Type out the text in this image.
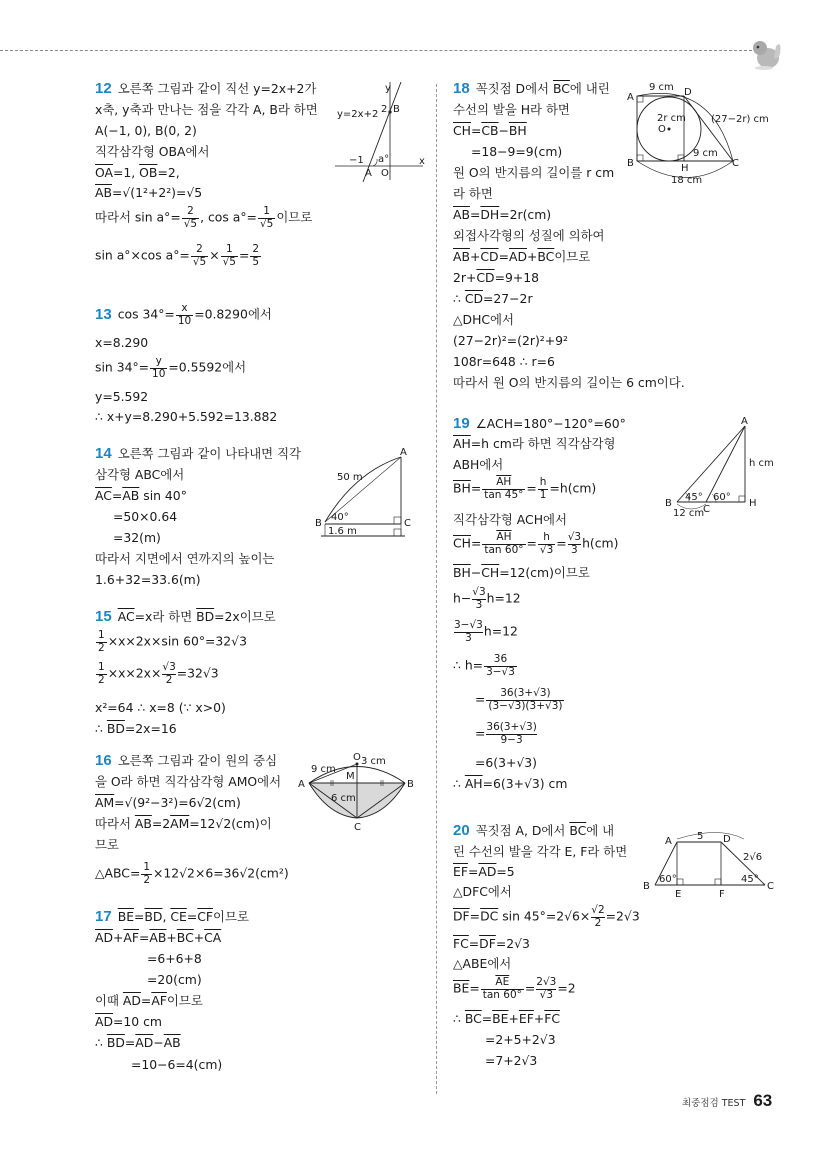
12 오른쪽 그림과 같이 직선 y=2x+2가
x축, y축과 만나는 점을 각각 A, B라 하면
A(−1, 0), B(0, 2)
직각삼각형 OBA에서
$\overline{OA}=1$, $\overline{OB}=2$,
$\overline{AB}=√(1^2+2^2)=√5$
따라서 $\sin a^\circ= \frac{2}{√5}$ , $\cos a^\circ= \frac{1}{√5}$ 이므로
sin a°×cos $a^\circ= \frac{2}{√5} \times \frac{1}{√5} = \frac{2}{5}$
y
x
y=2x+2 B
2
A O
−1 a°
13 $\cos 34^\circ= \frac{x}{10} =0.8290$에서
x=8.290
$\sin 34^\circ= \frac{y}{10} =0.5592$에서
y=5.592
∴ x+y=8.290+5.592=13.882
14 오른쪽 그림과 같이 나타내면 직각
삼각형 ABC에서
$\overline{AC}=\overline{AB}$ sin 40°
=50×0.64
=32(m)
따라서 지면에서 연까지의 높이는
1.6+32=33.6(m)
A
B	C
50 m
40°
1.6 m
15 $\overline{AC}=x$라 하면 $\overline{BD}=2x$이므로
$\frac{1}{2} \times x\times 2x\times\sin$ 60°=32√3
$\frac{1}{2} \times x\times 2x\times \frac{√3}{2} =32√3$
x²=64 ∴ x=8 (∵ x>0)
∴ $\overline{BD}=2x=16$
16 오른쪽 그림과 같이 원의 중심
을 O라 하면 직각삼각형 AMO에서
$\overline{AM}=√(9^2-3^2)=6√2(cm)$
따라서 $\overline{AB}=2\overline{AM}=12√2(cm)$이
므로
△ABC= $\frac{1}{2} \times 12√2\times 6=36√2(cm^2)$
O
M
A	B
C
9 cm
3 cm
6 cm
17 $\overline{BE}=\overline{BD}$, $\overline{CE}=\overline{CF}$이므로
$\overline{AD}+\overline{AF}=\overline{AB}+\overline{BC}+\overline{CA}$
=6+6+8
=20(cm)
이때 $\overline{AD}=\overline{AF}$이므로
$\overline{AD}=10$ cm
∴ $\overline{BD}=\overline{AD}-\overline{AB}$
=10−6=4(cm)
18 꼭짓점 D에서 $\overline{BC}$에 내린
수선의 발을 H라 하면
$\overline{CH}=\overline{CB}-\overline{BH}$
=18−9=9(cm)
원 O의 반지름의 길이를 r cm
라 하면
$\overline{AB}=\overline{DH}=2r(cm)$
외접사각형의 성질에 의하여
$\overline{AB}+\overline{CD}=\overline{AD}+\overline{BC}$이므로
$2r+\overline{CD}=9+18$
∴ $\overline{CD}=27-2r$
△DHC에서
(27−2r)²=(2r)²+9²
108r=648 ∴ r=6
따라서 원 O의 반지름의 길이는 6 cm이다.
A	D
B	C
H
O
9 cm
2r cm	(27−2r) cm
9 cm
18 cm
19 ∠ACH=180°−120°=60°
$\overline{AH}=h$ cm라 하면 직각삼각형
ABH에서
$\overline{BH}= \frac{\overline{AH}}{\tan 45^\circ} = \frac{h}{1} =h(cm)$
직각삼각형 ACH에서
$\overline{CH}= \frac{\overline{AH}}{\tan 60^\circ} = \frac{h}{√3} = \frac{√3}{3} h(cm)$
$\overline{BH}-\overline{CH}=12(cm)$이므로
$h- \frac{√3}{3} h=12$
$\frac{3-√3}{3} h=12$
∴ $h= \frac{36}{3-√3}$
= $\frac{36(3+√3)}{(3-√3)(3+√3)}$
= $\frac{36(3+√3)}{9-3}$
=6(3+√3)
∴ $\overline{AH}=6(3+√3)$ cm
A
B
C
H
h cm
45° 60°
12 cm
20 꼭짓점 A, D에서 $\overline{BC}$에 내
린 수선의 발을 각각 E, F라 하면
$\overline{EF}=\overline{AD}=5$
△DFC에서
$\overline{DF}=\overline{DC}$ $\sin 45^\circ=2√6\times \frac{√2}{2} =2√3$
$\overline{FC}=\overline{DF}=2√3$
△ABE에서
$\overline{BE}= \frac{\overline{AE}}{\tan 60^\circ} = \frac{2√3}{√3} =2$
∴ $\overline{BC}=\overline{BE}+\overline{EF}+\overline{FC}$
=2+5+2√3
=7+2√3
A	D
B	C
E	F
5
2√6
60°	45°
최중점검 TEST 63
